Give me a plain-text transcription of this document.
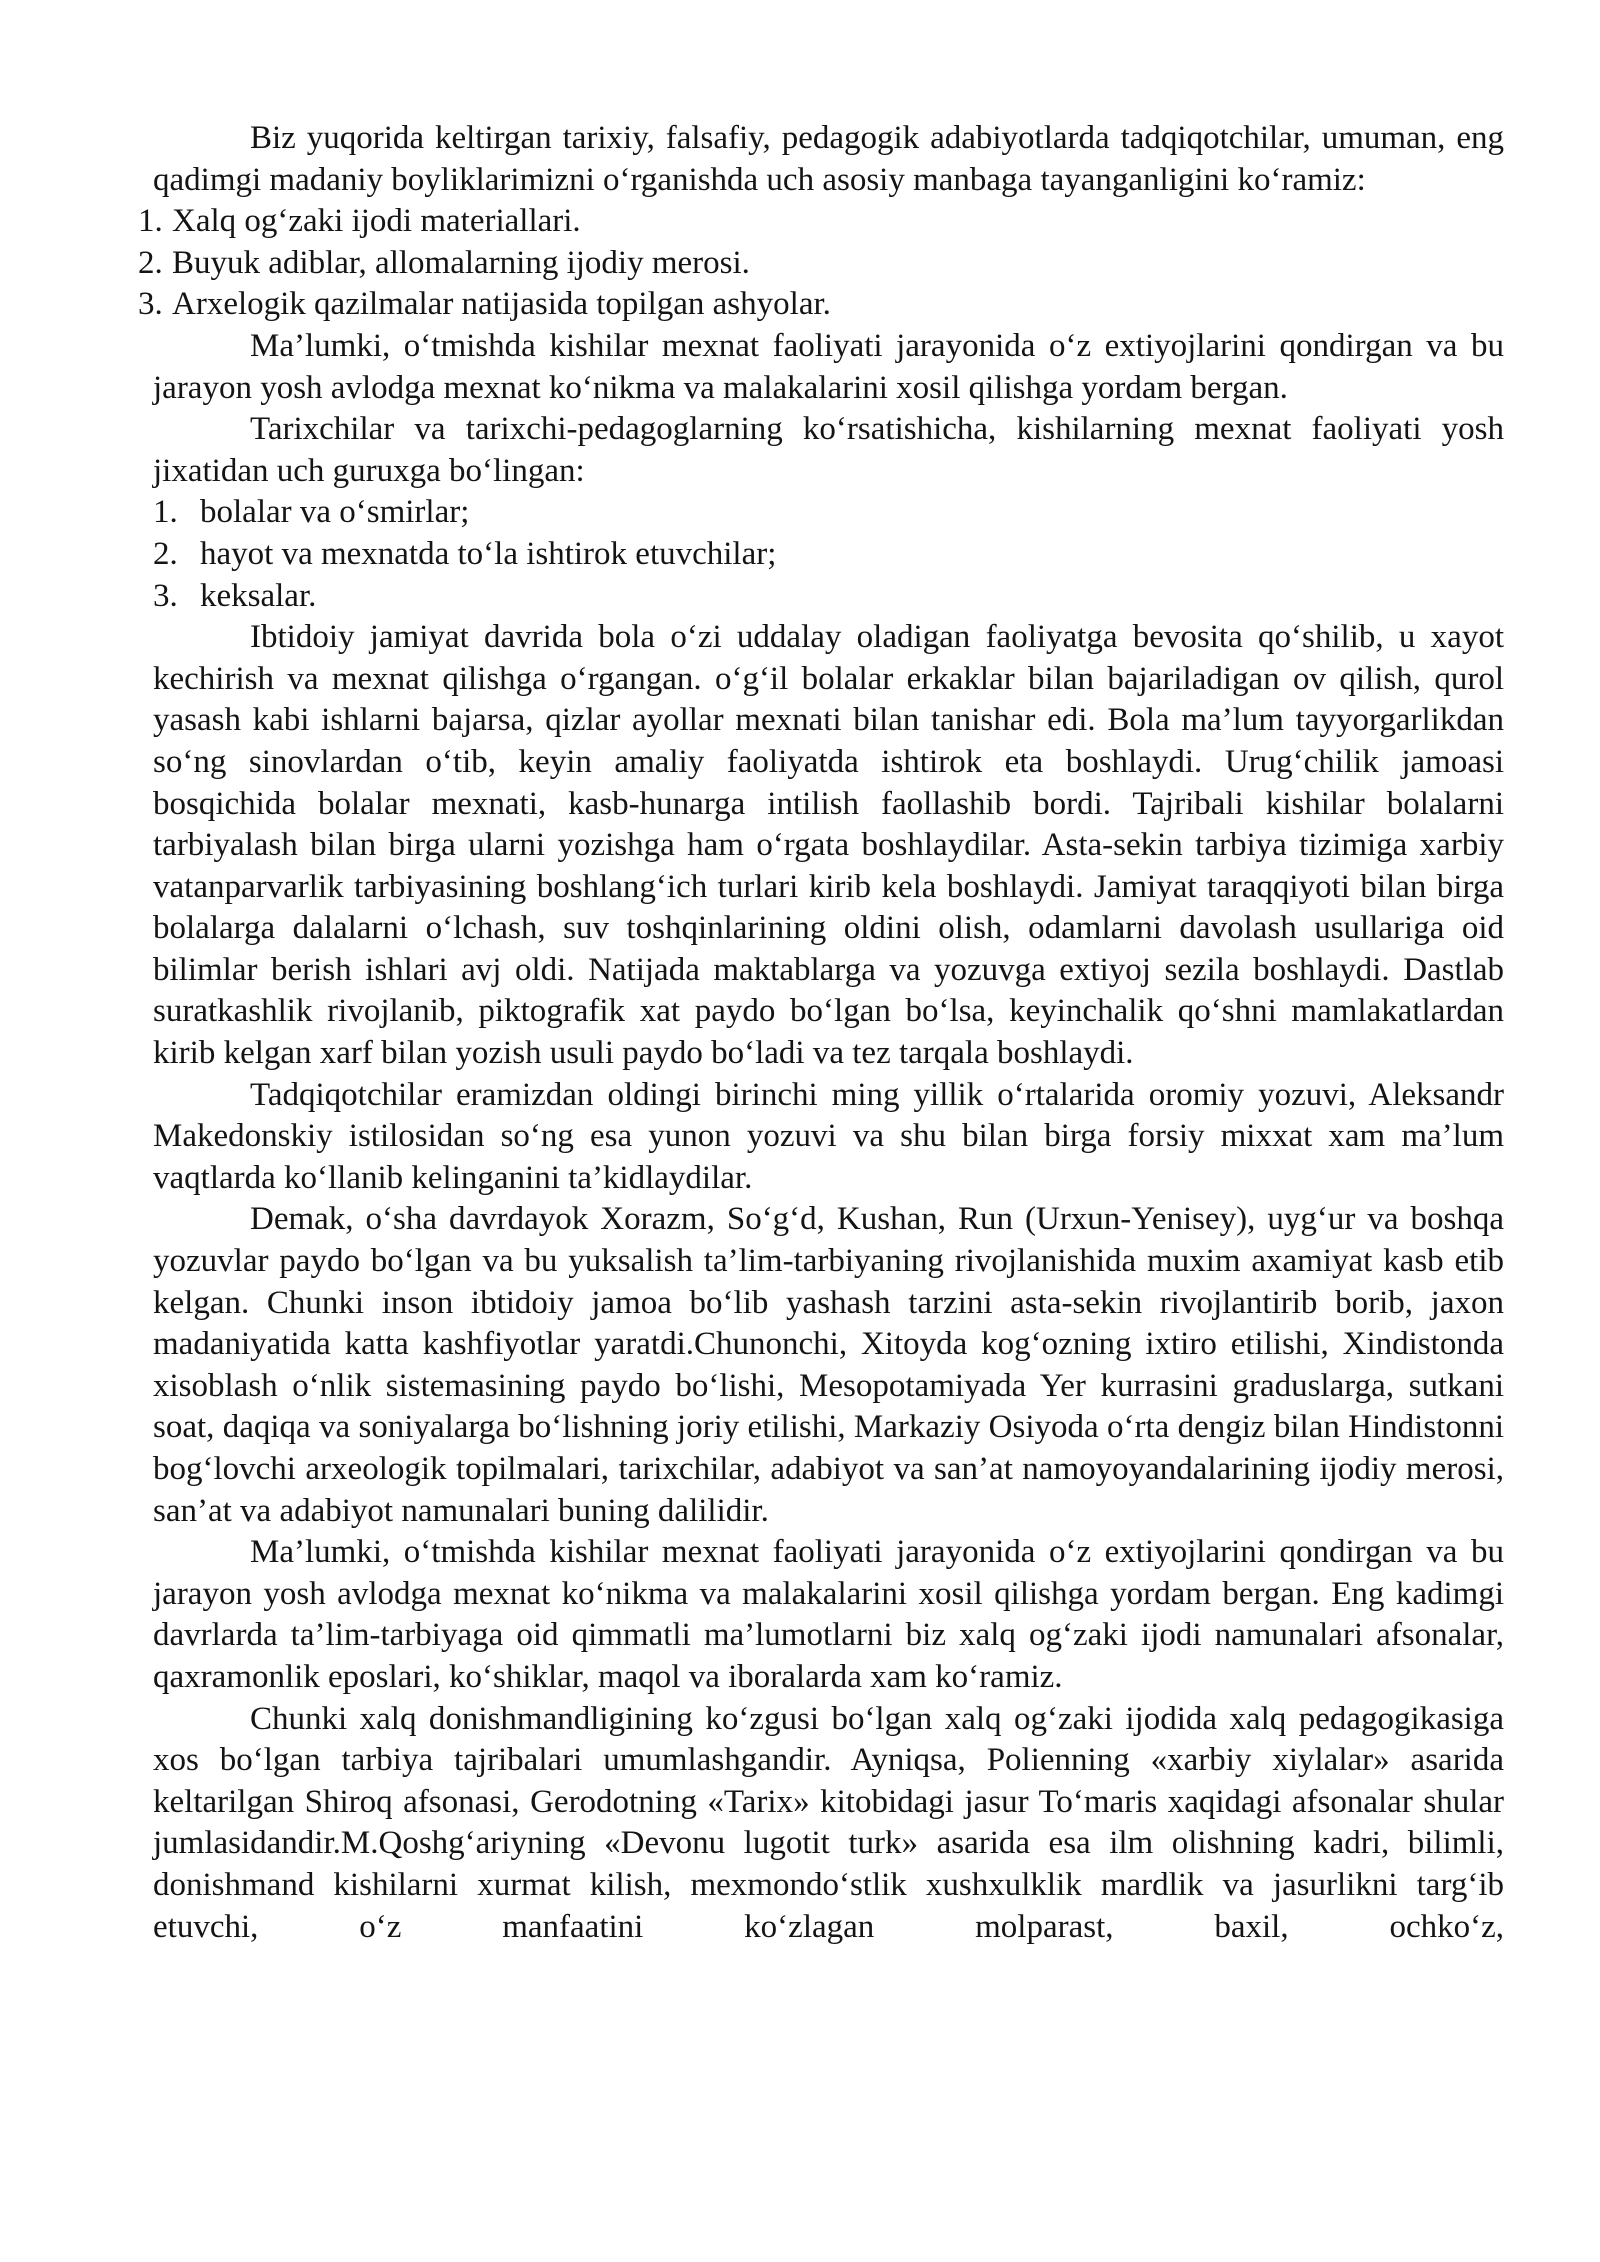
Biz yuqorida keltirgan tarixiy, falsafiy, pedagogik adabiyotlarda tadqiqotchilar, umuman, eng qadimgi madaniy boyliklarimizni o‘rganishda uch asosiy manbaga tayanganligini ko‘ramiz:

1. Xalq og‘zaki ijodi materiallari.
2. Buyuk adiblar, allomalarning ijodiy merosi.
3. Arxelogik qazilmalar natijasida topilgan ashyolar.

Ma’lumki, o‘tmishda kishilar mexnat faoliyati jarayonida o‘z extiyojlarini qondirgan va bu jarayon yosh avlodga mexnat ko‘nikma va malakalarini xosil qilishga yordam bergan.

Tarixchilar va tarixchi-pedagoglarning ko‘rsatishicha, kishilarning mexnat faoliyati yosh jixatidan uch guruxga bo‘lingan:

1. bolalar va o‘smirlar;
2. hayot va mexnatda to‘la ishtirok etuvchilar;
3. keksalar.

Ibtidoiy jamiyat davrida bola o‘zi uddalay oladigan faoliyatga bevosita qo‘shilib, u xayot kechirish va mexnat qilishga o‘rgangan. o‘g‘il bolalar erkaklar bilan bajariladigan ov qilish, qurol yasash kabi ishlarni bajarsa, qizlar ayollar mexnati bilan tanishar edi. Bola ma’lum tayyorgarlikdan so‘ng sinovlardan o‘tib, keyin amaliy faoliyatda ishtirok eta boshlaydi. Urug‘chilik jamoasi bosqichida bolalar mexnati, kasb-hunarga intilish faollashib bordi. Tajribali kishilar bolalarni tarbiyalash bilan birga ularni yozishga ham o‘rgata boshlaydilar. Asta-sekin tarbiya tizimiga xarbiy vatanparvarlik tarbiyasining boshlang‘ich turlari kirib kela boshlaydi. Jamiyat taraqqiyoti bilan birga bolalarga dalalarni o‘lchash, suv toshqinlarining oldini olish, odamlarni davolash usullariga oid bilimlar berish ishlari avj oldi. Natijada maktablarga va yozuvga extiyoj sezila boshlaydi. Dastlab suratkashlik rivojlanib, piktografik xat paydo bo‘lgan bo‘lsa, keyinchalik qo‘shni mamlakatlardan kirib kelgan xarf bilan yozish usuli paydo bo‘ladi va tez tarqala boshlaydi.

Tadqiqotchilar eramizdan oldingi birinchi ming yillik o‘rtalarida oromiy yozuvi, Aleksandr Makedonskiy istilosidan so‘ng esa yunon yozuvi va shu bilan birga forsiy mixxat xam ma’lum vaqtlarda ko‘llanib kelinganini ta’kidlaydilar.

Demak, o‘sha davrdayok Xorazm, So‘g‘d, Kushan, Run (Urxun-Yenisey), uyg‘ur va boshqa yozuvlar paydo bo‘lgan va bu yuksalish ta’lim-tarbiyaning rivojlanishida muxim axamiyat kasb etib kelgan. Chunki inson ibtidoiy jamoa bo‘lib yashash tarzini asta-sekin rivojlantirib borib, jaxon madaniyatida katta kashfiyotlar yaratdi.Chunonchi, Xitoyda kog‘ozning ixtiro etilishi, Xindistonda xisoblash o‘nlik sistemasining paydo bo‘lishi, Mesopotamiyada Yer kurrasini graduslarga, sutkani soat, daqiqa va soniyalarga bo‘lishning joriy etilishi, Markaziy Osiyoda o‘rta dengiz bilan Hindistonni bog‘lovchi arxeologik topilmalari, tarixchilar, adabiyot va san’at namoyoyandalarining ijodiy merosi, san’at va adabiyot namunalari buning dalilidir.

Ma’lumki, o‘tmishda kishilar mexnat faoliyati jarayonida o‘z extiyojlarini qondirgan va bu jarayon yosh avlodga mexnat ko‘nikma va malakalarini xosil qilishga yordam bergan. Eng kadimgi davrlarda ta’lim-tarbiyaga oid qimmatli ma’lumotlarni biz xalq og‘zaki ijodi namunalari afsonalar, qaxramonlik eposlari, ko‘shiklar, maqol va iboralarda xam ko‘ramiz.

Chunki xalq donishmandligining ko‘zgusi bo‘lgan xalq og‘zaki ijodida xalq pedagogikasiga xos bo‘lgan tarbiya tajribalari umumlashgandir. Ayniqsa, Polienning «xarbiy xiylalar» asarida keltarilgan Shiroq afsonasi, Gerodotning «Tarix» kitobidagi jasur To‘maris xaqidagi afsonalar shular jumlasidandir.M.Qoshg‘ariyning «Devonu lugotit turk» asarida esa ilm olishning kadri, bilimli, donishmand kishilarni xurmat kilish, mexmondo‘stlik xushxulklik mardlik va jasurlikni targ‘ib etuvchi, o‘z manfaatini ko‘zlagan molparast, baxil, ochko‘z,
